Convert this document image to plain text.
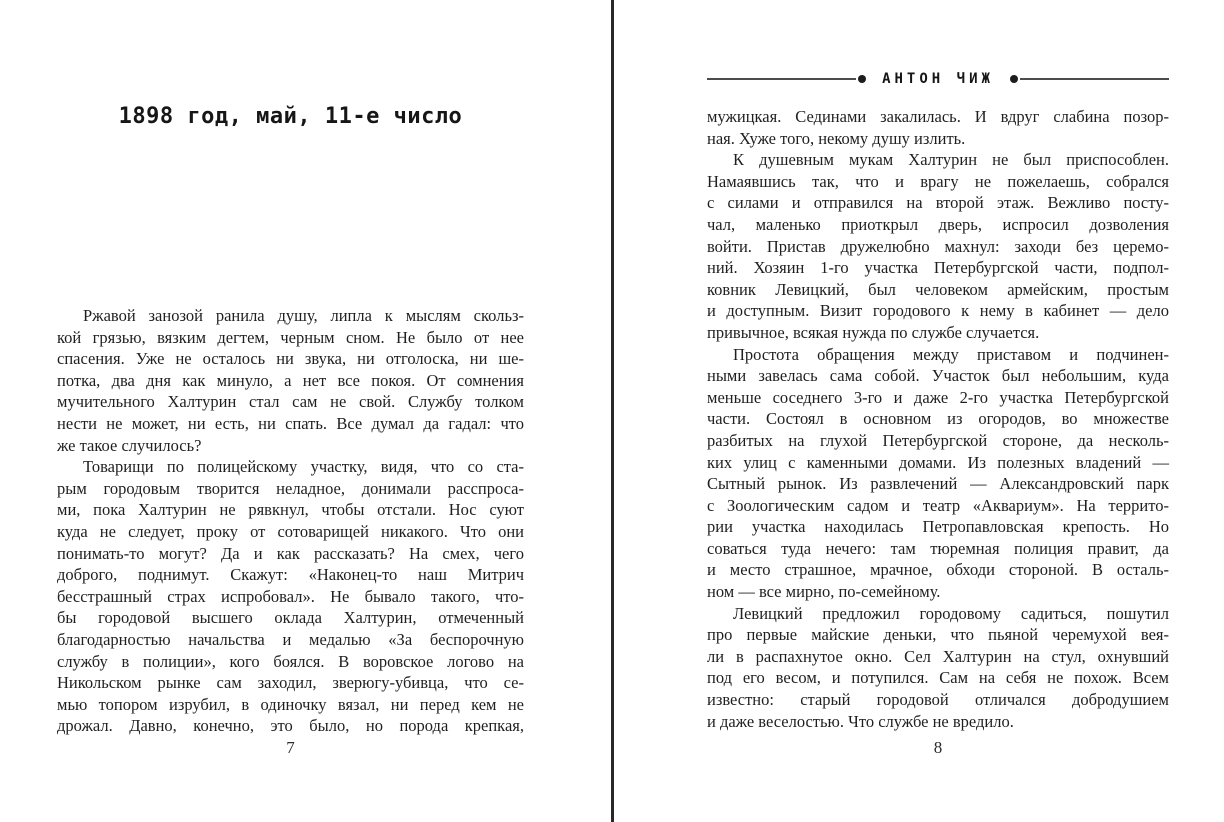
1898 год, май, 11-е число
Ржавой занозой ранила душу, липла к мыслям скольз-
кой грязью, вязким дегтем, черным сном. Не было от нее
спасения. Уже не осталось ни звука, ни отголоска, ни ше-
потка, два дня как минуло, а нет все покоя. От сомнения
мучительного Халтурин стал сам не свой. Службу толком
нести не может, ни есть, ни спать. Все думал да гадал: что
же такое случилось?
Товарищи по полицейскому участку, видя, что со ста-
рым городовым творится неладное, донимали расспроса-
ми, пока Халтурин не рявкнул, чтобы отстали. Нос суют
куда не следует, проку от сотоварищей никакого. Что они
понимать-то могут? Да и как рассказать? На смех, чего
доброго, поднимут. Скажут: «Наконец-то наш Митрич
бесстрашный страх испробовал». Не бывало такого, что-
бы городовой высшего оклада Халтурин, отмеченный
благодарностью начальства и медалью «За беспорочную
службу в полиции», кого боялся. В воровское логово на
Никольском рынке сам заходил, зверюгу-убивца, что се-
мью топором изрубил, в одиночку вязал, ни перед кем не
дрожал. Давно, конечно, это было, но порода крепкая,
7
АНТОН ЧИЖ
мужицкая. Сединами закалилась. И вдруг слабина позор-
ная. Хуже того, некому душу излить.
К душевным мукам Халтурин не был приспособлен.
Намаявшись так, что и врагу не пожелаешь, собрался
с силами и отправился на второй этаж. Вежливо посту-
чал, маленько приоткрыл дверь, испросил дозволения
войти. Пристав дружелюбно махнул: заходи без церемо-
ний. Хозяин 1-го участка Петербургской части, подпол-
ковник Левицкий, был человеком армейским, простым
и доступным. Визит городового к нему в кабинет — дело
привычное, всякая нужда по службе случается.
Простота обращения между приставом и подчинен-
ными завелась сама собой. Участок был небольшим, куда
меньше соседнего 3-го и даже 2-го участка Петербургской
части. Состоял в основном из огородов, во множестве
разбитых на глухой Петербургской стороне, да несколь-
ких улиц с каменными домами. Из полезных владений —
Сытный рынок. Из развлечений — Александровский парк
с Зоологическим садом и театр «Аквариум». На террито-
рии участка находилась Петропавловская крепость. Но
соваться туда нечего: там тюремная полиция правит, да
и место страшное, мрачное, обходи стороной. В осталь-
ном — все мирно, по-семейному.
Левицкий предложил городовому садиться, пошутил
про первые майские деньки, что пьяной черемухой вея-
ли в распахнутое окно. Сел Халтурин на стул, охнувший
под его весом, и потупился. Сам на себя не похож. Всем
известно: старый городовой отличался добродушием
и даже веселостью. Что службе не вредило.
8
